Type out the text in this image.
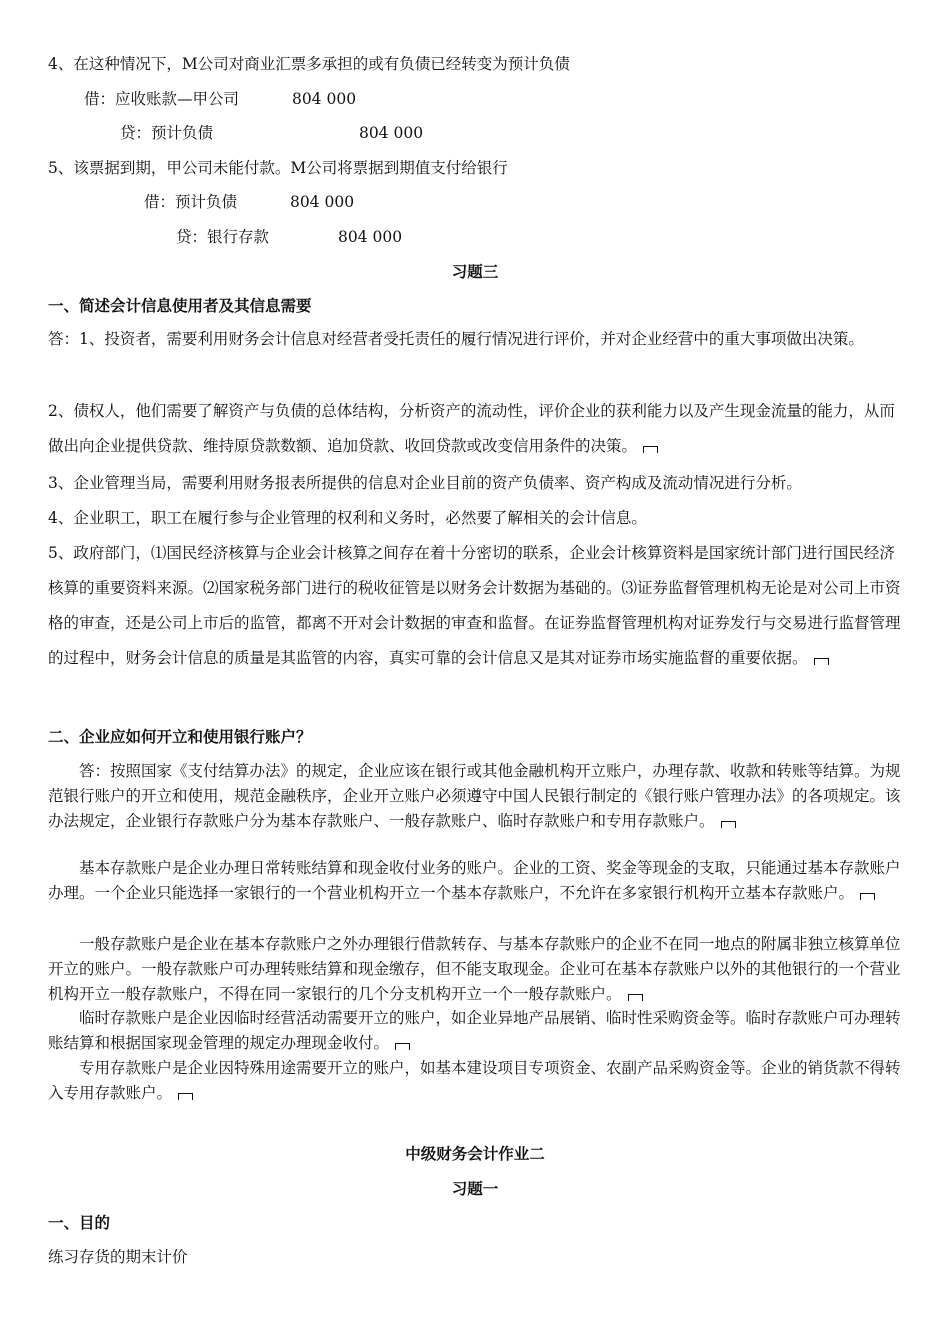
4、在这种情况下，M公司对商业汇票多承担的或有负债已经转变为预计负债
借：应收账款—甲公司	804 000
贷：预计负债	804 000
5、该票据到期，甲公司未能付款。M公司将票据到期值支付给银行
借：预计负债	804 000
贷：银行存款	804 000
习题三
一、简述会计信息使用者及其信息需要
答：1、投资者，需要利用财务会计信息对经营者受托责任的履行情况进行评价，并对企业经营中的重大事项做出决策。
2、债权人，他们需要了解资产与负债的总体结构，分析资产的流动性，评价企业的获利能力以及产生现金流量的能力，从而做出向企业提供贷款、维持原贷款数额、追加贷款、收回贷款或改变信用条件的决策。
3、企业管理当局，需要利用财务报表所提供的信息对企业目前的资产负债率、资产构成及流动情况进行分析。
4、企业职工，职工在履行参与企业管理的权利和义务时，必然要了解相关的会计信息。
5、政府部门，⑴国民经济核算与企业会计核算之间存在着十分密切的联系，企业会计核算资料是国家统计部门进行国民经济核算的重要资料来源。⑵国家税务部门进行的税收征管是以财务会计数据为基础的。⑶证券监督管理机构无论是对公司上市资格的审查，还是公司上市后的监管，都离不开对会计数据的审查和监督。在证券监督管理机构对证券发行与交易进行监督管理的过程中，财务会计信息的质量是其监管的内容，真实可靠的会计信息又是其对证券市场实施监督的重要依据。
二、企业应如何开立和使用银行账户？
答：按照国家《支付结算办法》的规定，企业应该在银行或其他金融机构开立账户，办理存款、收款和转账等结算。为规范银行账户的开立和使用，规范金融秩序，企业开立账户必须遵守中国人民银行制定的《银行账户管理办法》的各项规定。该办法规定，企业银行存款账户分为基本存款账户、一般存款账户、临时存款账户和专用存款账户。
基本存款账户是企业办理日常转账结算和现金收付业务的账户。企业的工资、奖金等现金的支取，只能通过基本存款账户办理。一个企业只能选择一家银行的一个营业机构开立一个基本存款账户，不允许在多家银行机构开立基本存款账户。
一般存款账户是企业在基本存款账户之外办理银行借款转存、与基本存款账户的企业不在同一地点的附属非独立核算单位开立的账户。一般存款账户可办理转账结算和现金缴存，但不能支取现金。企业可在基本存款账户以外的其他银行的一个营业机构开立一般存款账户，不得在同一家银行的几个分支机构开立一个一般存款账户。
临时存款账户是企业因临时经营活动需要开立的账户，如企业异地产品展销、临时性采购资金等。临时存款账户可办理转账结算和根据国家现金管理的规定办理现金收付。
专用存款账户是企业因特殊用途需要开立的账户，如基本建设项目专项资金、农副产品采购资金等。企业的销货款不得转入专用存款账户。
中级财务会计作业二
习题一
一、目的
练习存货的期末计价
